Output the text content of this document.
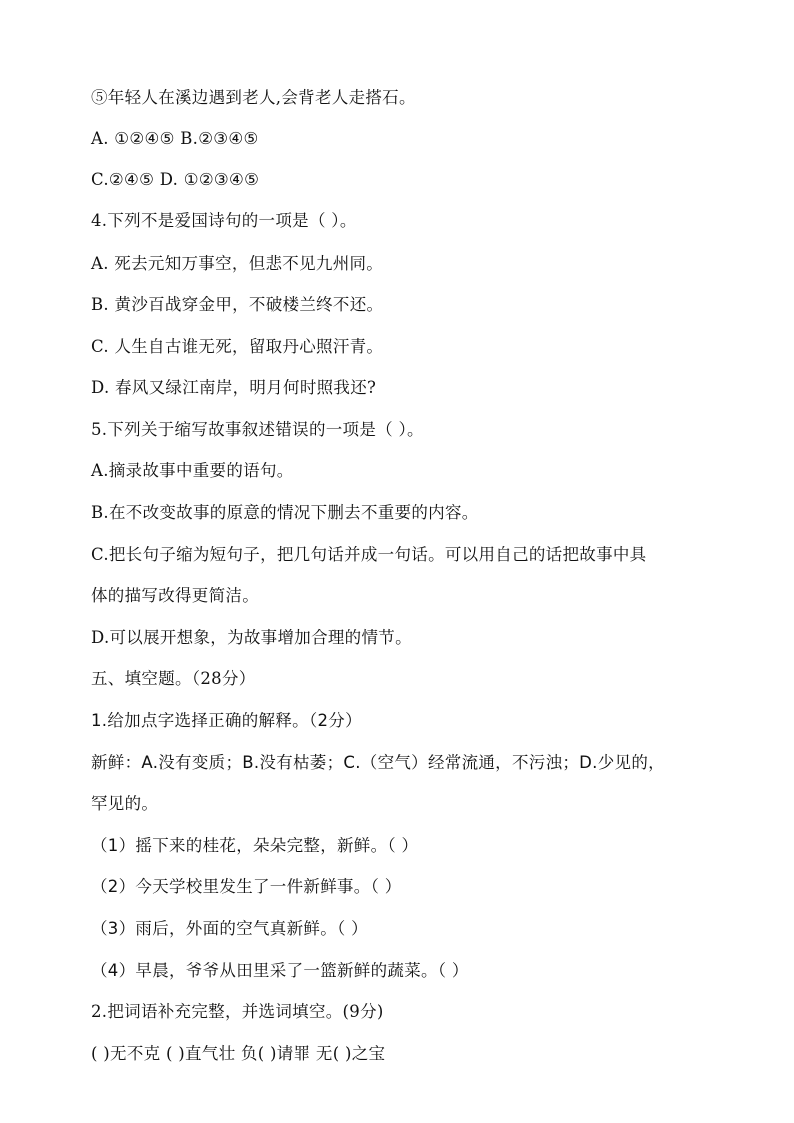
⑤年轻人在溪边遇到老人,会背老人走搭石。
A. ①②④⑤ B.②③④⑤
C.②④⑤ D. ①②③④⑤
4.下列不是爱国诗句的一项是（ ）。
A. 死去元知万事空，但悲不见九州同。
B. 黄沙百战穿金甲，不破楼兰终不还。
C. 人生自古谁无死，留取丹心照汗青。
D. 春风又绿江南岸，明月何时照我还?
5.下列关于缩写故事叙述错误的一项是（ ）。
A.摘录故事中重要的语句。
B.在不改变故事的原意的情况下删去不重要的内容。
C.把长句子缩为短句子，把几句话并成一句话。可以用自己的话把故事中具
体的描写改得更简洁。
D.可以展开想象，为故事增加合理的情节。
五、填空题。（28分）
1.给加点字选择正确的解释。（2分）
新鲜：A.没有变质；B.没有枯萎；C.（空气）经常流通，不污浊；D.少见的，
罕见的。
（1）摇下来的桂花，朵朵完整，新鲜。（ ）
（2）今天学校里发生了一件新鲜事。（ ）
（3）雨后，外面的空气真新鲜。（ ）
（4）早晨，爷爷从田里采了一篮新鲜的蔬菜。（ ）
2.把词语补充完整，并选词填空。(9分)
( )无不克 ( )直气壮 负( )请罪 无( )之宝
